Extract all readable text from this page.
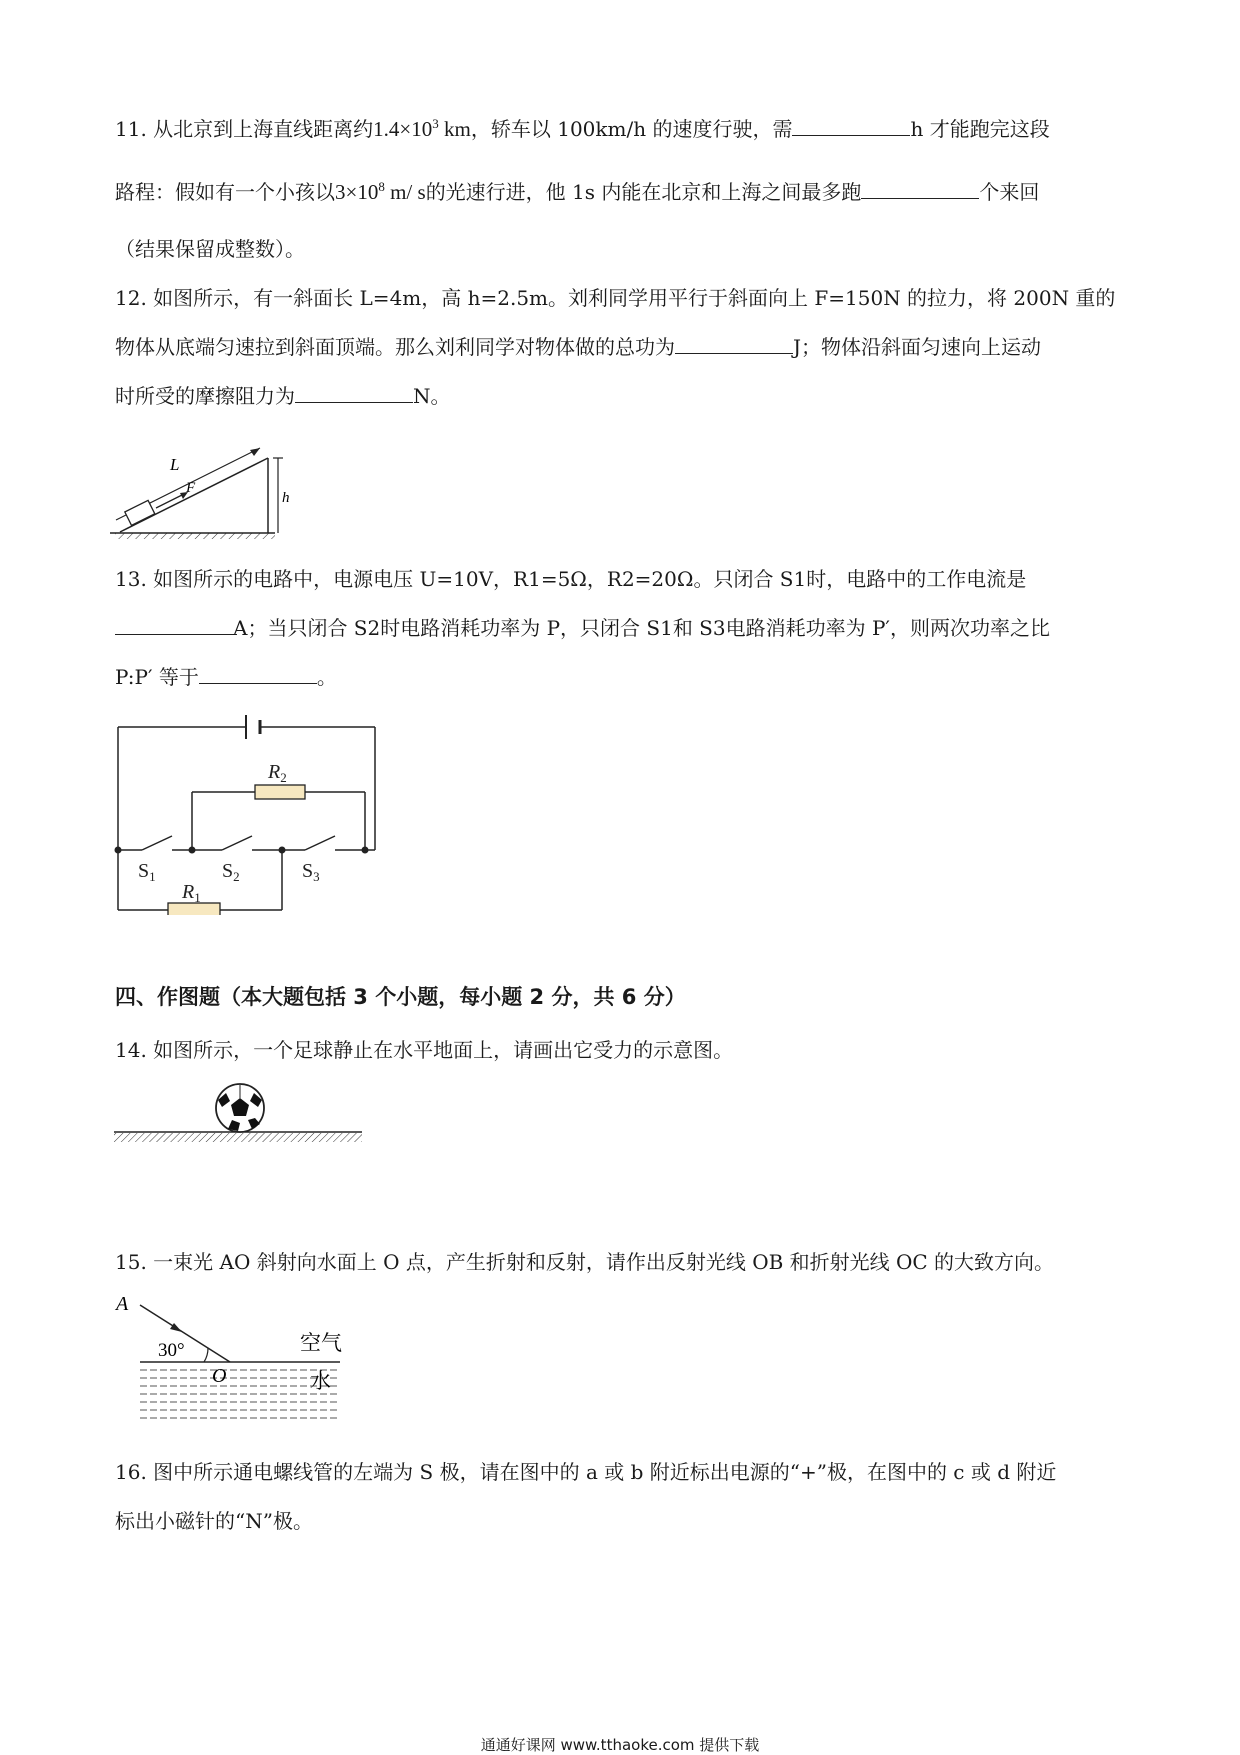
11. 从北京到上海直线距离约$1.4\times 10^3$ km，轿车以 100km/h 的速度行驶，需	h 才能跑完这段
路程：假如有一个小孩以$3\times 10^8$ m/ s的光速行进，他 1s 内能在北京和上海之间最多跑	个来回
（结果保留成整数）。
12. 如图所示，有一斜面长 L=4m，高 h=2.5m。刘利同学用平行于斜面向上 F=150N 的拉力，将 200N 重的
物体从底端匀速拉到斜面顶端。那么刘利同学对物体做的总功为	J；物体沿斜面匀速向上运动
时所受的摩擦阻力为	N。
h
L
F
13. 如图所示的电路中，电源电压 U=10V，R1=5Ω，R2=20Ω。只闭合 S1时，电路中的工作电流是
A；当只闭合 S2时电路消耗功率为 P，只闭合 S1和 S3电路消耗功率为 P′，则两次功率之比
P:P′ 等于	。
$R_2$
$R_1$
$S_1$	$S_2$	$S_3$
四、作图题（本大题包括 3 个小题，每小题 2 分，共 6 分）
14. 如图所示，一个足球静止在水平地面上，请画出它受力的示意图。
15. 一束光 AO 斜射向水面上 O 点，产生折射和反射，请作出反射光线 OB 和折射光线 OC 的大致方向。
A
30°
O
空气
水
16. 图中所示通电螺线管的左端为 S 极，请在图中的 a 或 b 附近标出电源的“+”极，在图中的 c 或 d 附近
标出小磁针的“N”极。
通通好课网 www.tthaoke.com 提供下载
